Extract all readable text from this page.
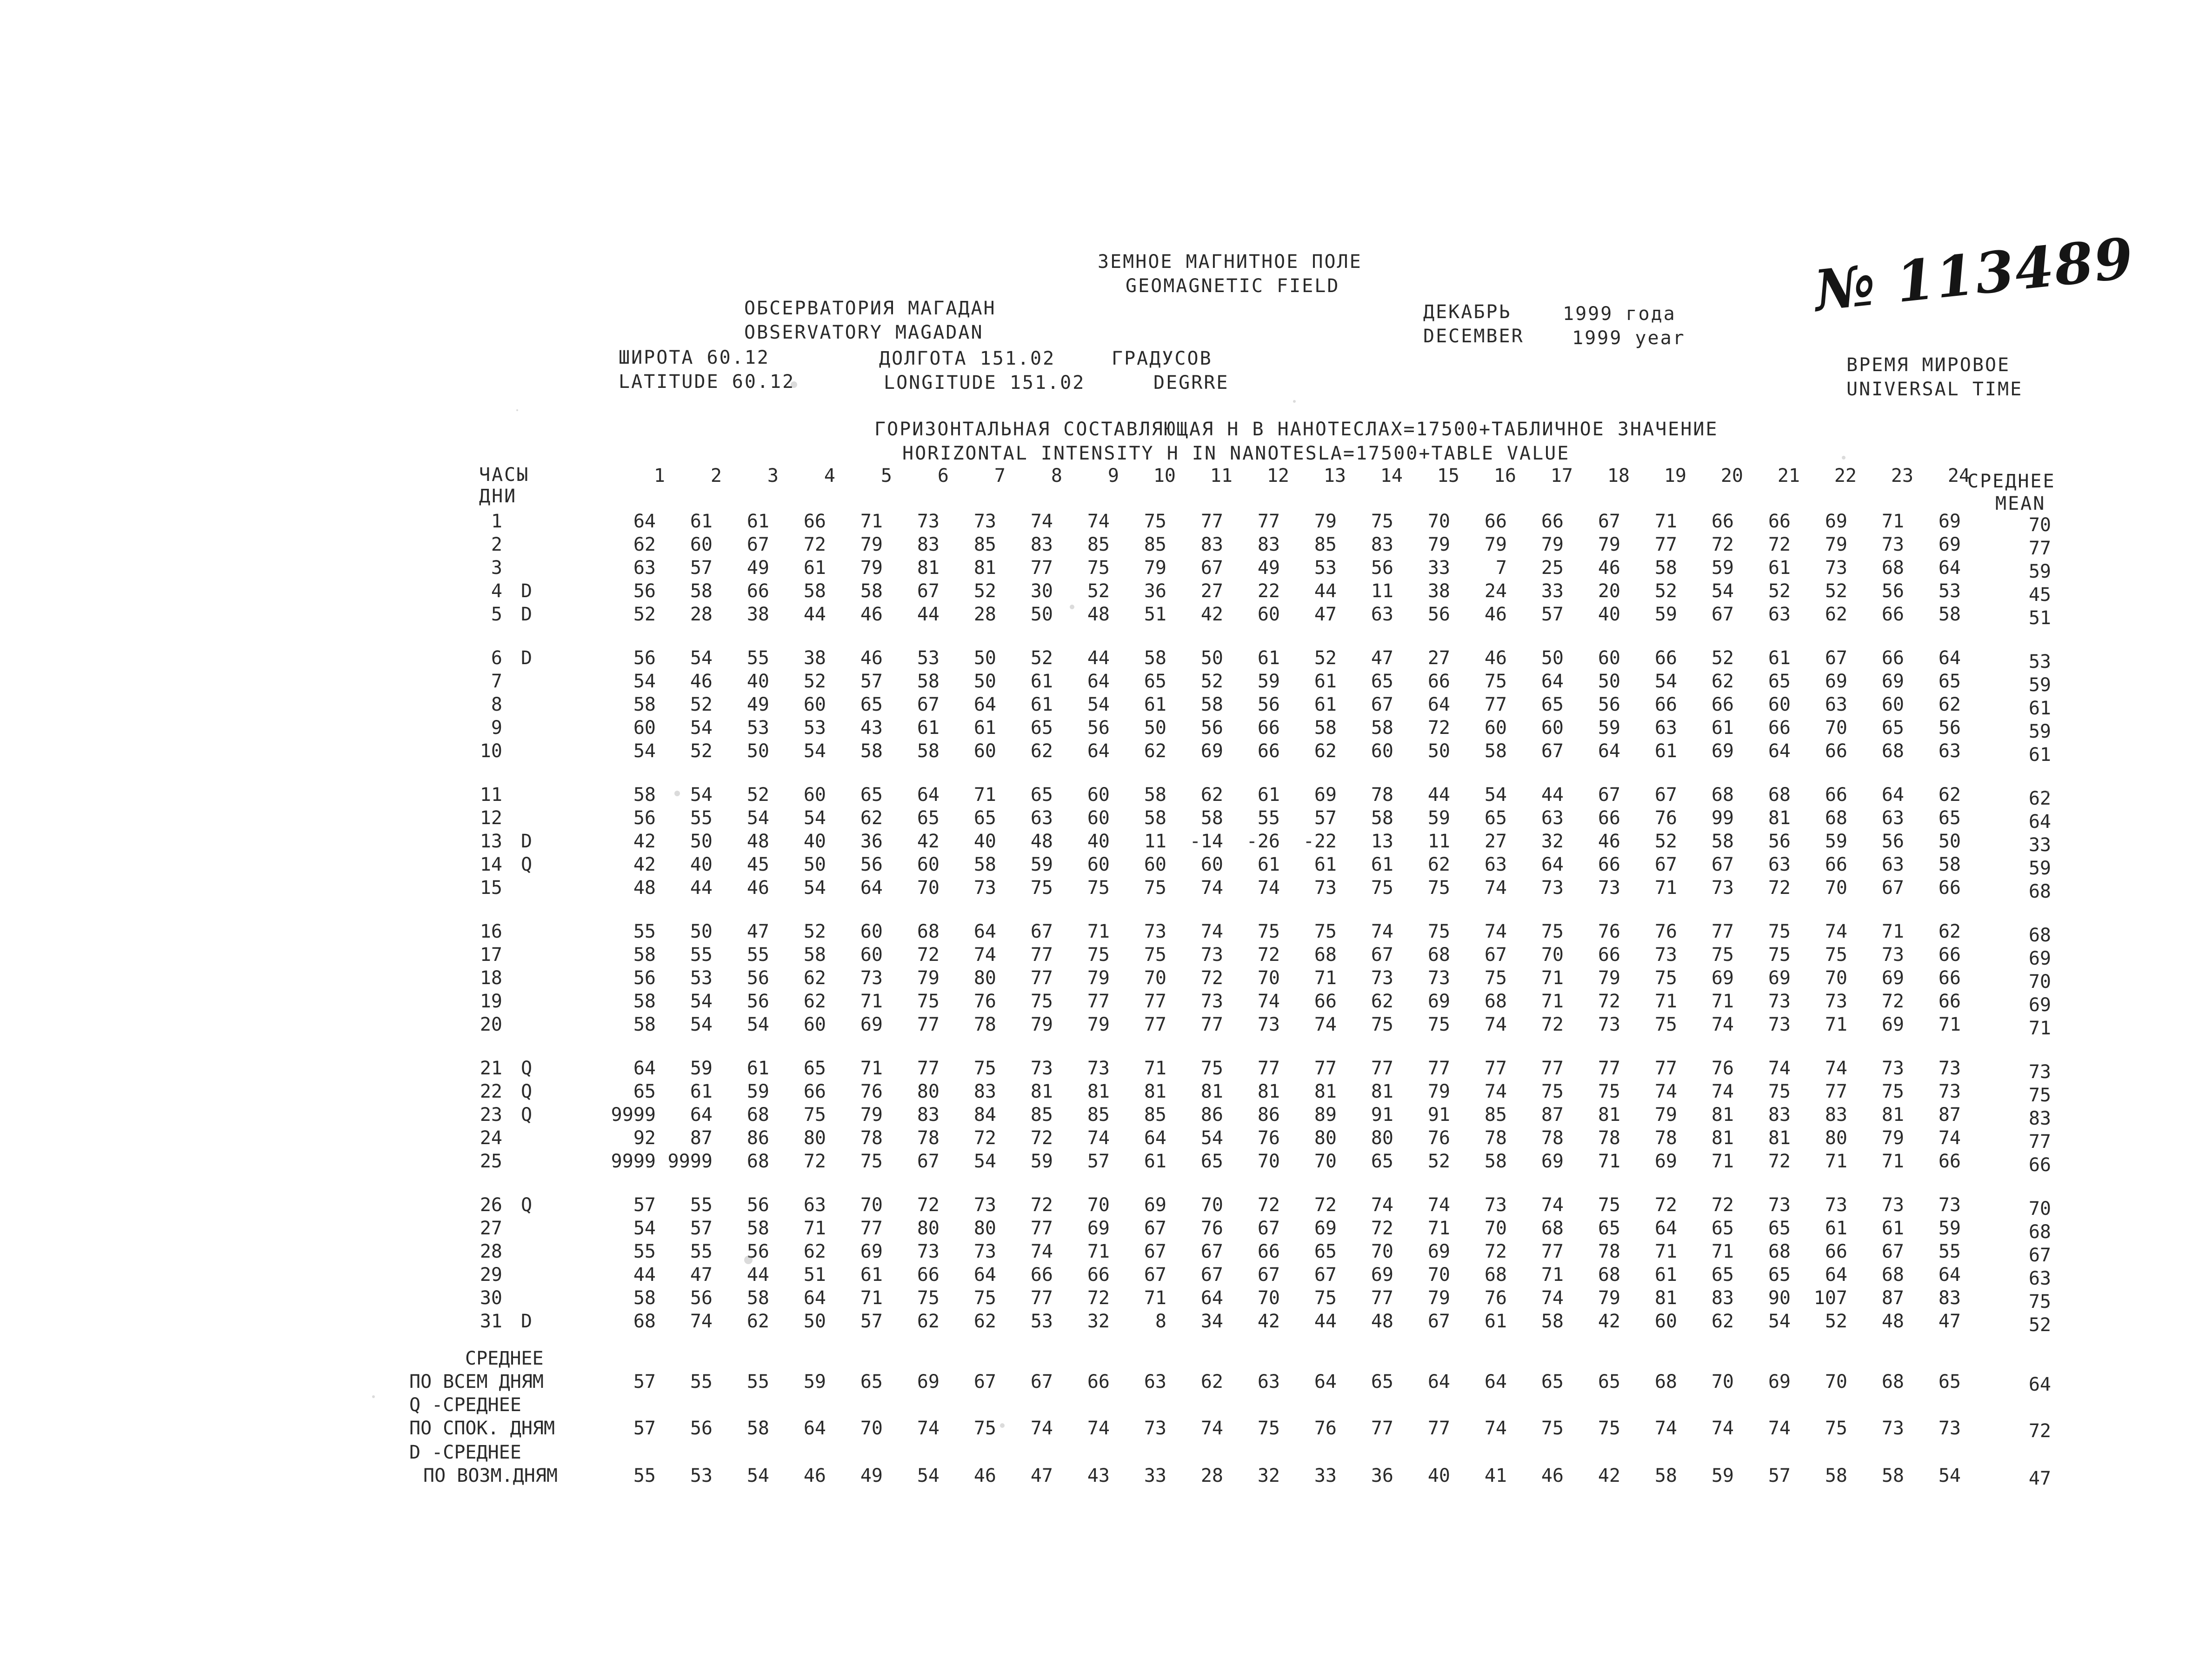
ЗЕМНОЕ МАГНИТНОЕ ПОЛЕ
GEOMAGNETIC FIELD
ОБСЕРВАТОРИЯ МАГАДАН
OBSERVATORY MAGADAN
ДЕКАБРЬ
DECEMBER
1999 года
1999 year
№ 113489
ШИРОТА 60.12
LATITUDE 60.12
ДОЛГОТА 151.02
LONGITUDE 151.02
ГРАДУСОВ
DEGRRE
ВРЕМЯ МИРОВОЕ
UNIVERSAL TIME
ГОРИЗОНТАЛЬНАЯ СОСТАВЛЯЮЩАЯ Н В НАНОТЕСЛАХ=17500+ТАБЛИЧНОЕ ЗНАЧЕНИЕ
HORIZONTAL INTENSITY H IN NANOTESLA=17500+TABLE VALUE
ЧАСЫ
ДНИ
СРЕДНЕЕ
MEAN
1	2	3	4	5	6	7	8	9	10	11	12	13	14	15	16	17	18	19	20	21	22	23	24
1	64	61	61	66	71	73	73	74	74	75	77	77	79	75	70	66	66	67	71	66	66	69	71	69	70
2	62	60	67	72	79	83	85	83	85	85	83	83	85	83	79	79	79	79	77	72	72	79	73	69	77
3	63	57	49	61	79	81	81	77	75	79	67	49	53	56	33	7	25	46	58	59	61	73	68	64	59
4 D	56	58	66	58	58	67	52	30	52	36	27	22	44	11	38	24	33	20	52	54	52	52	56	53	45
5 D	52	28	38	44	46	44	28	50	48	51	42	60	47	63	56	46	57	40	59	67	63	62	66	58	51
6 D	56	54	55	38	46	53	50	52	44	58	50	61	52	47	27	46	50	60	66	52	61	67	66	64	53
7	54	46	40	52	57	58	50	61	64	65	52	59	61	65	66	75	64	50	54	62	65	69	69	65	59
8	58	52	49	60	65	67	64	61	54	61	58	56	61	67	64	77	65	56	66	66	60	63	60	62	61
9	60	54	53	53	43	61	61	65	56	50	56	66	58	58	72	60	60	59	63	61	66	70	65	56	59
10	54	52	50	54	58	58	60	62	64	62	69	66	62	60	50	58	67	64	61	69	64	66	68	63	61
11	58	54	52	60	65	64	71	65	60	58	62	61	69	78	44	54	44	67	67	68	68	66	64	62	62
12	56	55	54	54	62	65	65	63	60	58	58	55	57	58	59	65	63	66	76	99	81	68	63	65	64
13 D	42	50	48	40	36	42	40	48	40	11	-14	-26	-22	13	11	27	32	46	52	58	56	59	56	50	33
14 Q	42	40	45	50	56	60	58	59	60	60	60	61	61	61	62	63	64	66	67	67	63	66	63	58	59
15	48	44	46	54	64	70	73	75	75	75	74	74	73	75	75	74	73	73	71	73	72	70	67	66	68
16	55	50	47	52	60	68	64	67	71	73	74	75	75	74	75	74	75	76	76	77	75	74	71	62	68
17	58	55	55	58	60	72	74	77	75	75	73	72	68	67	68	67	70	66	73	75	75	75	73	66	69
18	56	53	56	62	73	79	80	77	79	70	72	70	71	73	73	75	71	79	75	69	69	70	69	66	70
19	58	54	56	62	71	75	76	75	77	77	73	74	66	62	69	68	71	72	71	71	73	73	72	66	69
20	58	54	54	60	69	77	78	79	79	77	77	73	74	75	75	74	72	73	75	74	73	71	69	71	71
21 Q	64	59	61	65	71	77	75	73	73	71	75	77	77	77	77	77	77	77	77	76	74	74	73	73	73
22 Q	65	61	59	66	76	80	83	81	81	81	81	81	81	81	79	74	75	75	74	74	75	77	75	73	75
23 Q	9999	64	68	75	79	83	84	85	85	85	86	86	89	91	91	85	87	81	79	81	83	83	81	87	83
24	92	87	86	80	78	78	72	72	74	64	54	76	80	80	76	78	78	78	78	81	81	80	79	74	77
25	9999 9999	68	72	75	67	54	59	57	61	65	70	70	65	52	58	69	71	69	71	72	71	71	66	66
26 Q	57	55	56	63	70	72	73	72	70	69	70	72	72	74	74	73	74	75	72	72	73	73	73	73	70
27	54	57	58	71	77	80	80	77	69	67	76	67	69	72	71	70	68	65	64	65	65	61	61	59	68
28	55	55	56	62	69	73	73	74	71	67	67	66	65	70	69	72	77	78	71	71	68	66	67	55	67
29	44	47	44	51	61	66	64	66	66	67	67	67	67	69	70	68	71	68	61	65	65	64	68	64	63
30	58	56	58	64	71	75	75	77	72	71	64	70	75	77	79	76	74	79	81	83	90	107	87	83	75
31 D	68	74	62	50	57	62	62	53	32	8	34	42	44	48	67	61	58	42	60	62	54	52	48	47	52
СРЕДНЕЕ
ПО ВСЕМ ДНЯМ	57	55	55	59	65	69	67	67	66	63	62	63	64	65	64	64	65	65	68	70	69	70	68	65	64
Q -СРЕДНЕЕ
ПО СПОК. ДНЯМ	57	56	58	64	70	74	75	74	74	73	74	75	76	77	77	74	75	75	74	74	74	75	73	73	72
D -СРЕДНЕЕ
ПО ВОЗМ.ДНЯМ	55	53	54	46	49	54	46	47	43	33	28	32	33	36	40	41	46	42	58	59	57	58	58	54	47
